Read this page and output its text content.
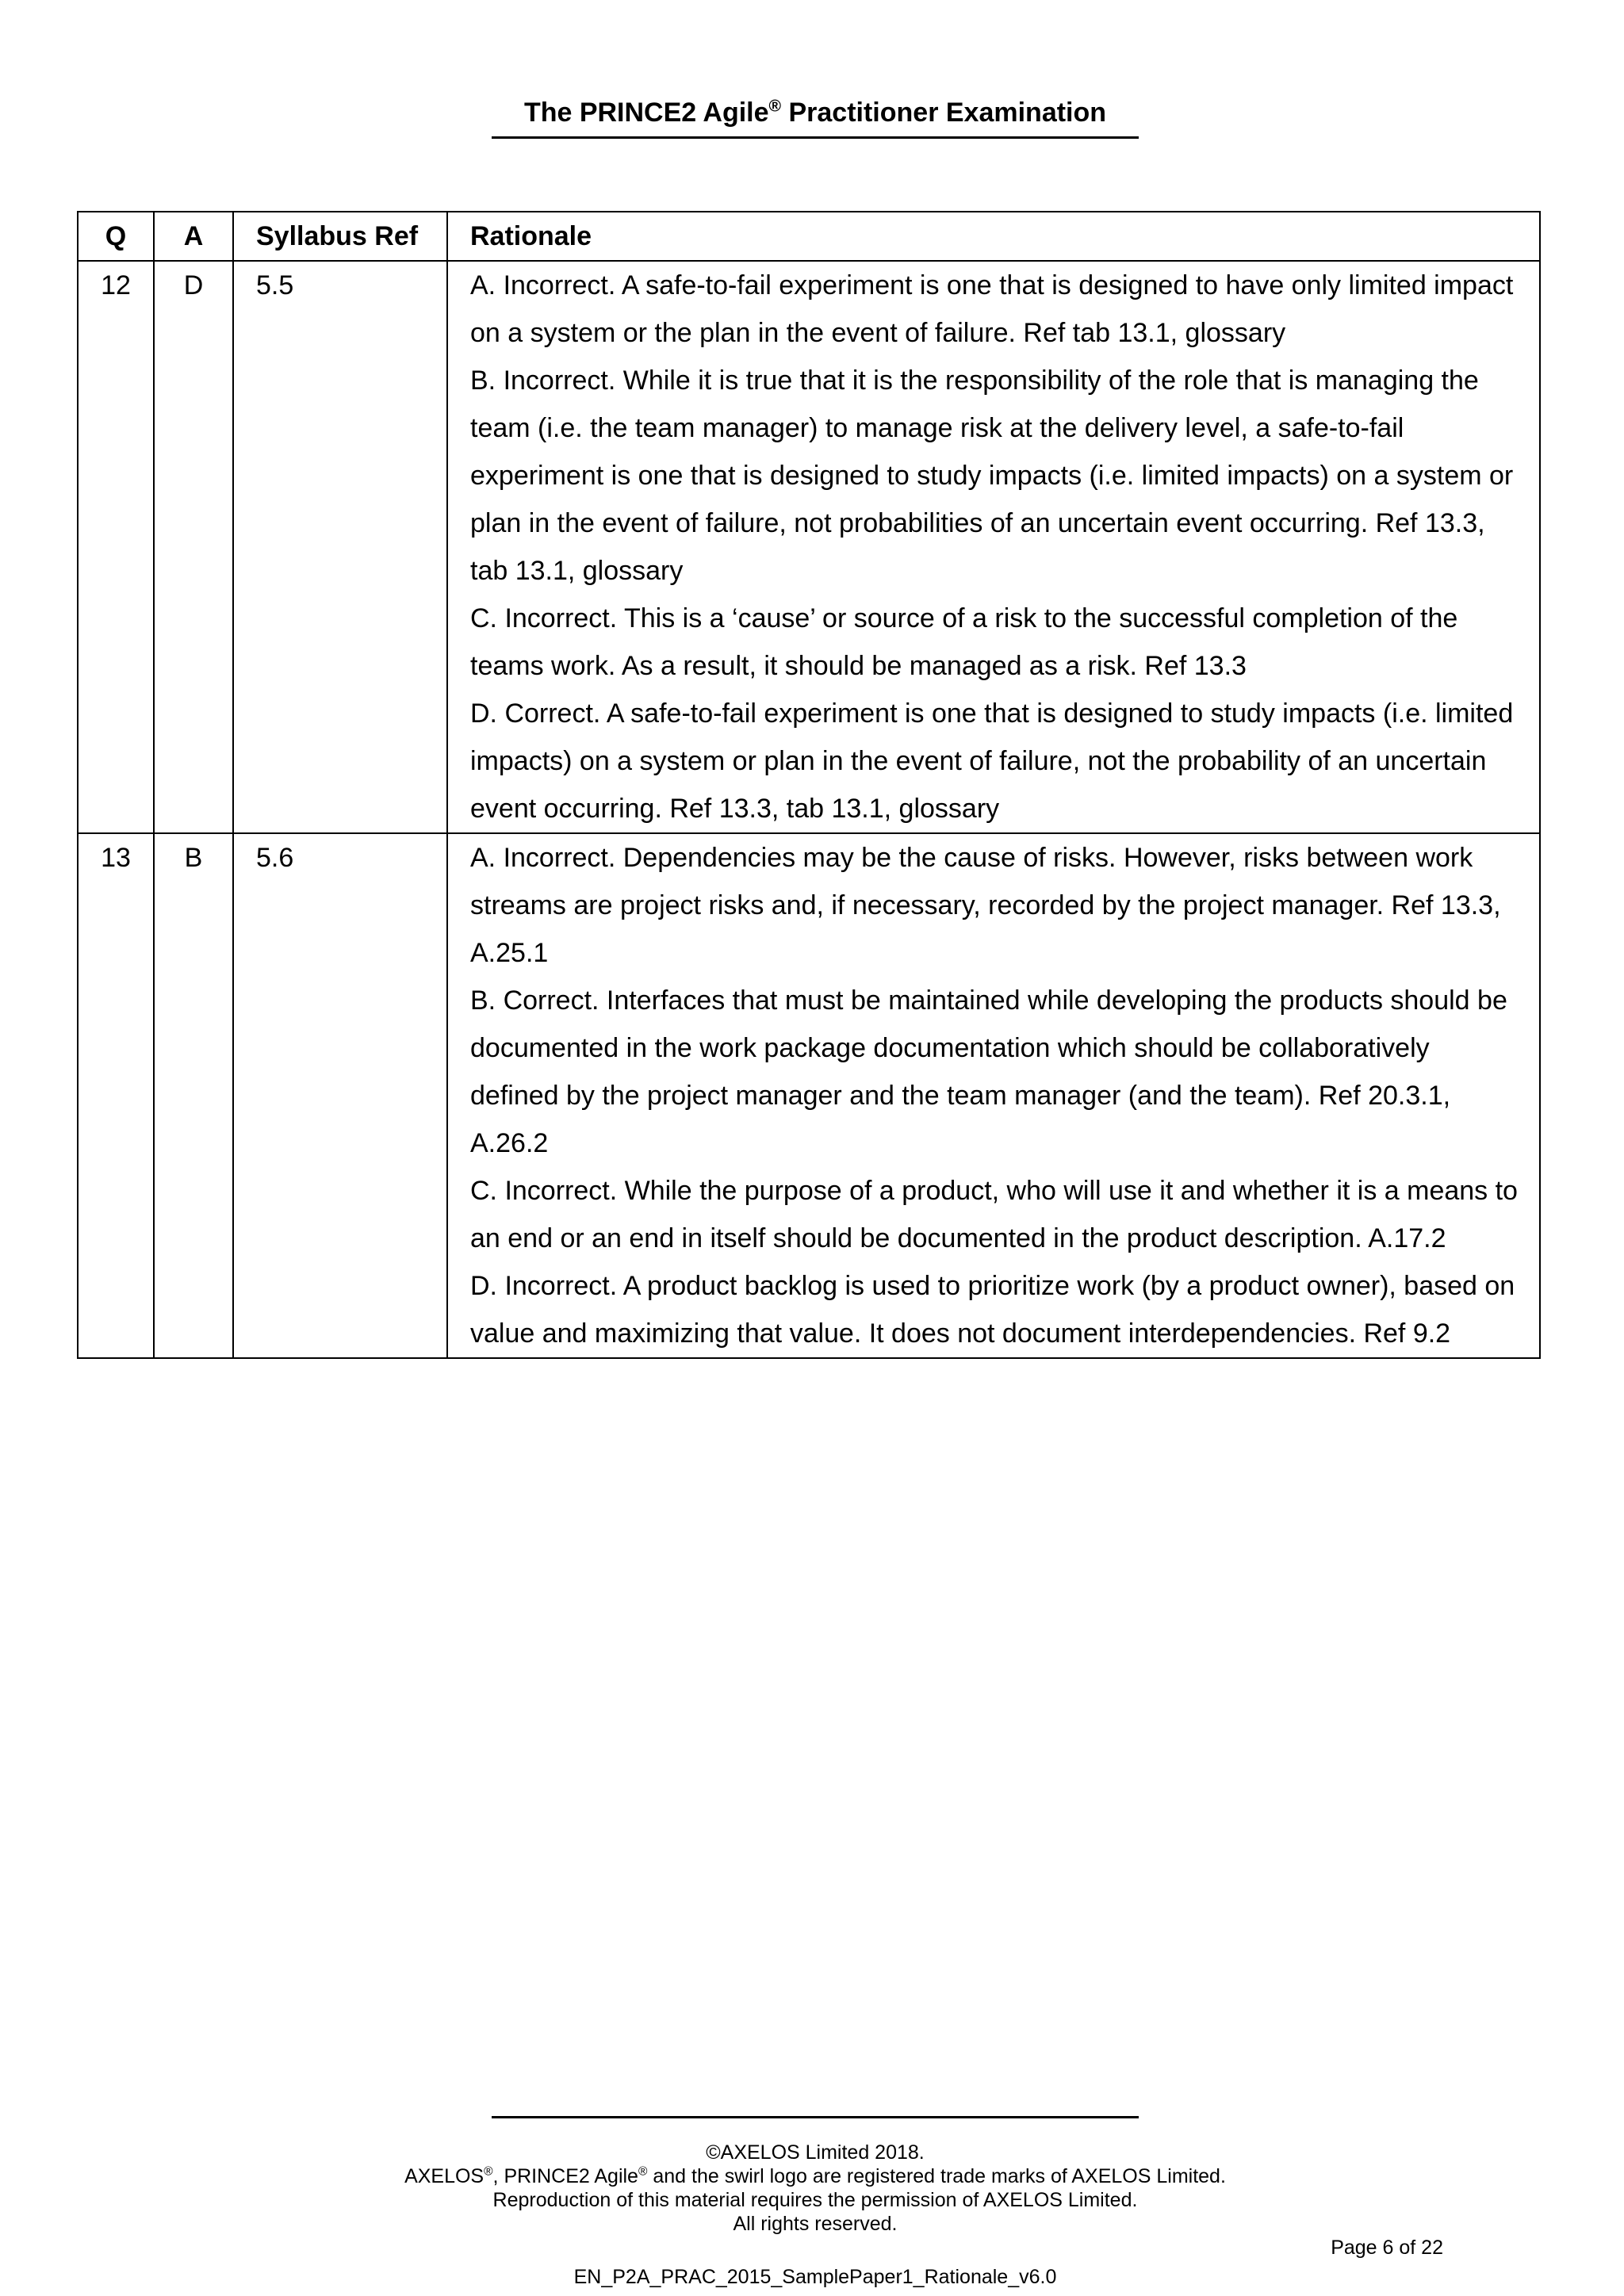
The PRINCE2 Agile® Practitioner Examination
Q	A	Syllabus Ref	Rationale
12	D	5.5	A. Incorrect. A safe-to-fail experiment is one that is designed to have only limited impact on a system or the plan in the event of failure. Ref tab 13.1, glossary
B. Incorrect. While it is true that it is the responsibility of the role that is managing the team (i.e. the team manager) to manage risk at the delivery level, a safe-to-fail experiment is one that is designed to study impacts (i.e. limited impacts) on a system or plan in the event of failure, not probabilities of an uncertain event occurring. Ref 13.3, tab 13.1, glossary
C. Incorrect. This is a ‘cause’ or source of a risk to the successful completion of the teams work. As a result, it should be managed as a risk. Ref 13.3
D. Correct. A safe-to-fail experiment is one that is designed to study impacts (i.e. limited impacts) on a system or plan in the event of failure, not the probability of an uncertain event occurring. Ref 13.3, tab 13.1, glossary

13	B	5.6	A. Incorrect. Dependencies may be the cause of risks. However, risks between work streams are project risks and, if necessary, recorded by the project manager. Ref 13.3, A.25.1
B. Correct. Interfaces that must be maintained while developing the products should be documented in the work package documentation which should be collaboratively defined by the project manager and the team manager (and the team). Ref 20.3.1, A.26.2
C. Incorrect. While the purpose of a product, who will use it and whether it is a means to an end or an end in itself should be documented in the product description. A.17.2
D. Incorrect. A product backlog is used to prioritize work (by a product owner), based on value and maximizing that value. It does not document interdependencies. Ref 9.2
©AXELOS Limited 2018.
AXELOS®, PRINCE2 Agile® and the swirl logo are registered trade marks of AXELOS Limited.
Reproduction of this material requires the permission of AXELOS Limited.
All rights reserved.
Page 6 of 22
EN_P2A_PRAC_2015_SamplePaper1_Rationale_v6.0
